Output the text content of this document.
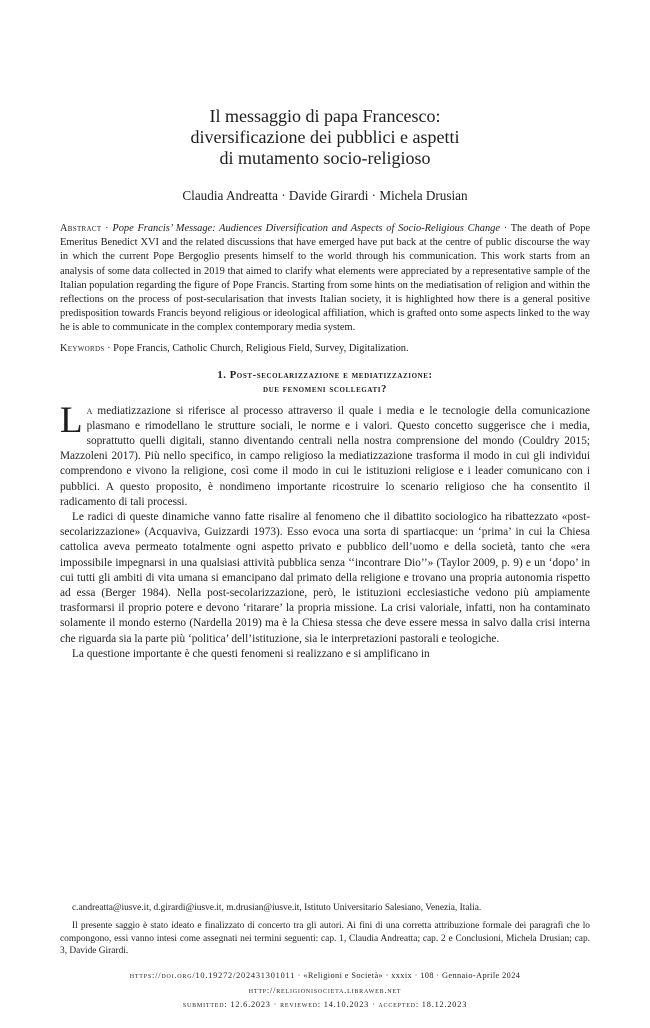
Il messaggio di papa Francesco:
diversificazione dei pubblici e aspetti
di mutamento socio-religioso
Claudia Andreatta · Davide Girardi · Michela Drusian
Abstract · Pope Francis’ Message: Audiences Diversification and Aspects of Socio-Religious Change · The death of Pope Emeritus Benedict XVI and the related discussions that have emerged have put back at the centre of public discourse the way in which the current Pope Bergoglio presents himself to the world through his communication. This work starts from an analysis of some data collected in 2019 that aimed to clarify what elements were appreciated by a representative sample of the Italian population regarding the figure of Pope Francis. Starting from some hints on the mediatisation of religion and within the reflections on the process of post-secularisation that invests Italian society, it is highlighted how there is a general positive predisposition towards Francis beyond religious or ideological affiliation, which is grafted onto some aspects linked to the way he is able to communicate in the complex contemporary media system.
Keywords · Pope Francis, Catholic Church, Religious Field, Survey, Digitalization.
1. Post-secolarizzazione e mediatizzazione:
due fenomeni scollegati?

La mediatizzazione si riferisce al processo attraverso il quale i media e le tecnologie della comunicazione plasmano e rimodellano le strutture sociali, le norme e i valori. Questo concetto suggerisce che i media, soprattutto quelli digitali, stanno diventando centrali nella nostra comprensione del mondo (Couldry 2015; Mazzoleni 2017). Più nello specifico, in campo religioso la mediatizzazione trasforma il modo in cui gli individui comprendono e vivono la religione, così come il modo in cui le istituzioni religiose e i leader comunicano con i pubblici. A questo proposito, è nondimeno importante ricostruire lo scenario religioso che ha consentito il radicamento di tali processi.

Le radici di queste dinamiche vanno fatte risalire al fenomeno che il dibattito sociologico ha ribattezzato «post-secolarizzazione» (Acquaviva, Guizzardi 1973). Esso evoca una sorta di spartiacque: un ‘prima’ in cui la Chiesa cattolica aveva permeato totalmente ogni aspetto privato e pubblico dell’uomo e della società, tanto che «era impossibile impegnarsi in una qualsiasi attività pubblica senza ‘‘incontrare Dio’’» (Taylor 2009, p. 9) e un ‘dopo’ in cui tutti gli ambiti di vita umana si emancipano dal primato della religione e trovano una propria autonomia rispetto ad essa (Berger 1984). Nella post-secolarizzazione, però, le istituzioni ecclesiastiche vedono più ampiamente trasformarsi il proprio potere e devono ‘ritarare’ la propria missione. La crisi valoriale, infatti, non ha contaminato solamente il mondo esterno (Nardella 2019) ma è la Chiesa stessa che deve essere messa in salvo dalla crisi interna che riguarda sia la parte più ‘politica’ dell’istituzione, sia le interpretazioni pastorali e teologiche.

La questione importante è che questi fenomeni si realizzano e si amplificano in

c.andreatta@iusve.it, d.girardi@iusve.it, m.drusian@iusve.it, Istituto Universitario Salesiano, Venezia, Italia.

Il presente saggio è stato ideato e finalizzato di concerto tra gli autori. Ai fini di una corretta attribuzione formale dei paragrafi che lo compongono, essi vanno intesi come assegnati nei termini seguenti: cap. 1, Claudia Andreatta; cap. 2 e Conclusioni, Michela Drusian; cap. 3, Davide Girardi.

https://doi.org/10.19272/202431301011 · «Religioni e Società» · xxxix · 108 · Gennaio-Aprile 2024

http://religionisocieta.libraweb.net

submitted: 12.6.2023 · reviewed: 14.10.2023 · accepted: 18.12.2023
